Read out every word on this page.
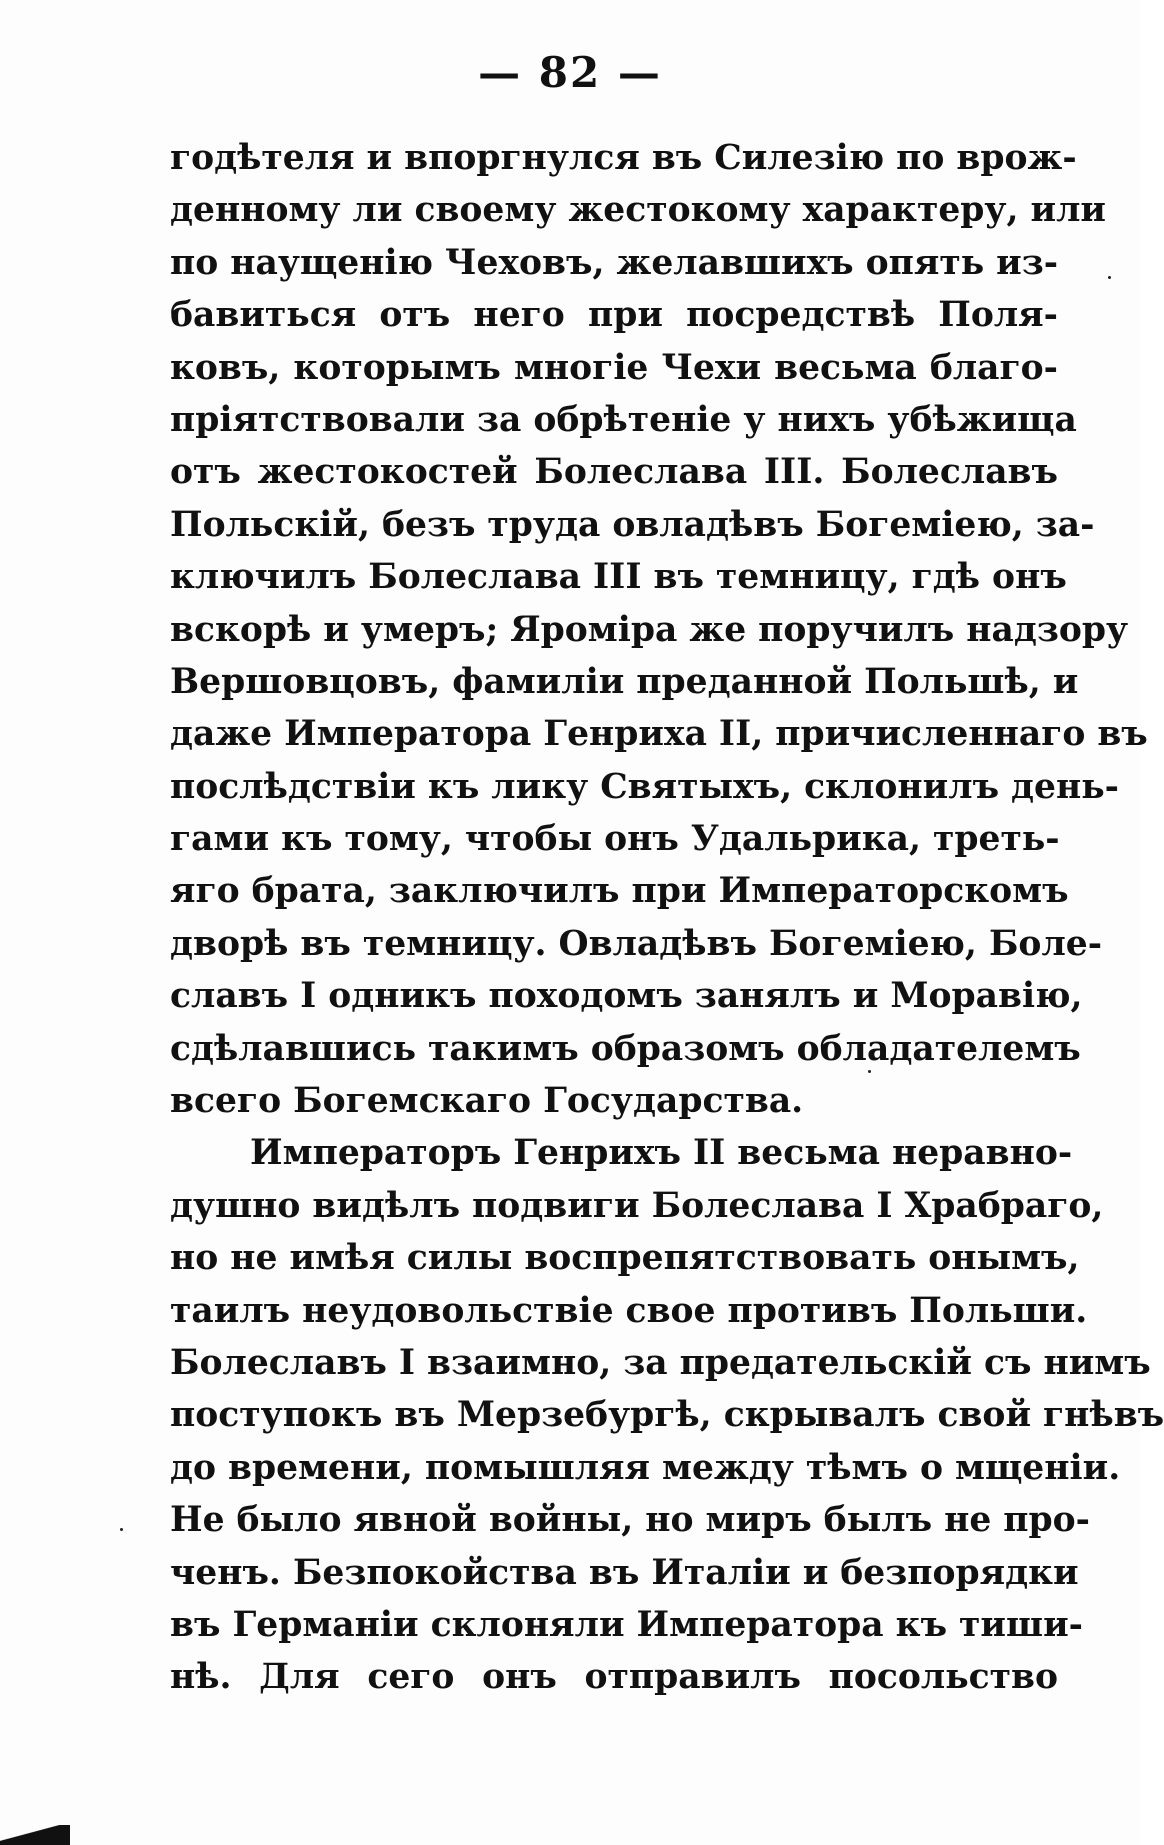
— 82 —
годѣтеля и впоргнулся въ Силезію по врож-
денному ли своему жестокому характеру, или
по наущенію Чеховъ, желавшихъ опять из-
бавиться отъ него при посредствѣ Поля-
ковъ, которымъ многіе Чехи весьма благо-
пріятствовали за обрѣтеніе у нихъ убѣжища
отъ жестокостей Болеслава III. Болеславъ
Польскій, безъ труда овладѣвъ Богеміею, за-
ключилъ Болеслава III въ темницу, гдѣ онъ
вскорѣ и умеръ; Яроміра же поручилъ надзору
Вершовцовъ, фамиліи преданной Польшѣ, и
даже Императора Генриха II, причисленнаго въ
послѣдствіи къ лику Святыхъ, склонилъ день-
гами къ тому, чтобы онъ Удальрика, треть-
яго брата, заключилъ при Императорскомъ
дворѣ въ темницу. Овладѣвъ Богеміею, Боле-
славъ I одникъ походомъ занялъ и Моравію,
сдѣлавшись такимъ образомъ обладателемъ
всего Богемскаго Государства.
Императоръ Генрихъ II весьма неравно-
душно видѣлъ подвиги Болеслава I Храбраго,
но не имѣя силы воспрепятствовать онымъ,
таилъ неудовольствіе свое противъ Польши.
Болеславъ I взаимно, за предательскій съ нимъ
поступокъ въ Мерзебургѣ, скрывалъ свой гнѣвъ
до времени, помышляя между тѣмъ о мщеніи.
Не было явной войны, но миръ былъ не про-
ченъ. Безпокойства въ Италіи и безпорядки
въ Германіи склоняли Императора къ тиши-
нѣ. Для сего онъ отправилъ посольство
